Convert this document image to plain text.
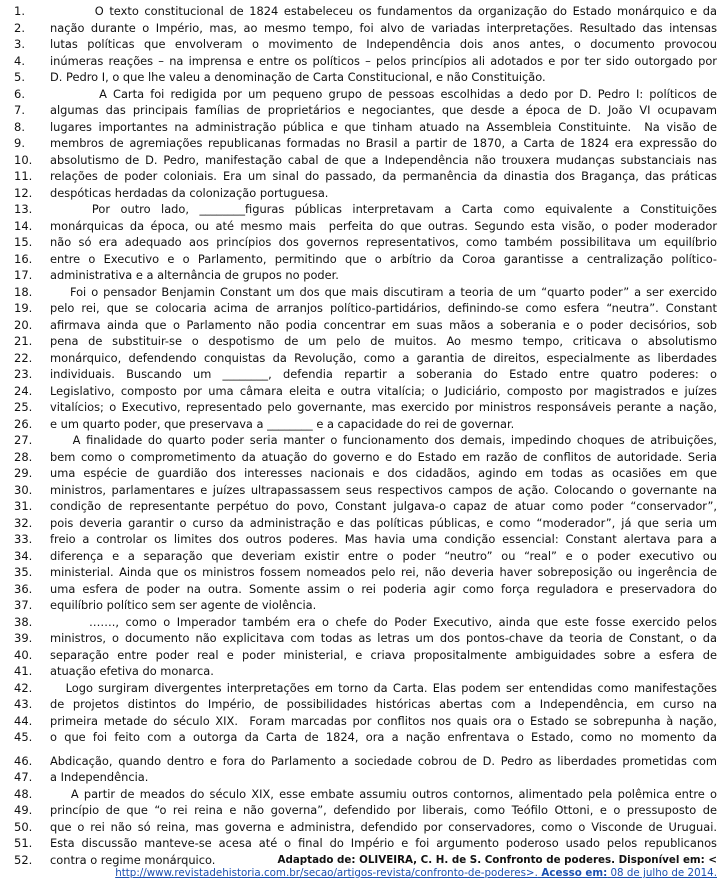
1. O texto constitucional de 1824 estabeleceu os fundamentos da organização do Estado monárquico e da
2. nação durante o Império, mas, ao mesmo tempo, foi alvo de variadas interpretações. Resultado das intensas
3. lutas políticas que envolveram o movimento de Independência dois anos antes, o documento provocou
4. inúmeras reações – na imprensa e entre os políticos – pelos princípios ali adotados e por ter sido outorgado por
5. D. Pedro I, o que lhe valeu a denominação de Carta Constitucional, e não Constituição.
6. A Carta foi redigida por um pequeno grupo de pessoas escolhidas a dedo por D. Pedro I: políticos de
7. algumas das principais famílias de proprietários e negociantes, que desde a época de D. João VI ocupavam
8. lugares importantes na administração pública e que tinham atuado na Assembleia Constituinte.  Na visão de
9. membros de agremiações republicanas formadas no Brasil a partir de 1870, a Carta de 1824 era expressão do
10. absolutismo de D. Pedro, manifestação cabal de que a Independência não trouxera mudanças substanciais nas
11. relações de poder coloniais. Era um sinal do passado, da permanência da dinastia dos Bragança, das práticas
12. despóticas herdadas da colonização portuguesa.
13. Por outro lado, ________figuras públicas interpretavam a Carta como equivalente a Constituições
14. monárquicas da época, ou até mesmo mais  perfeita do que outras. Segundo esta visão, o poder moderador
15. não só era adequado aos princípios dos governos representativos, como também possibilitava um equilíbrio
16. entre o Executivo e o Parlamento, permitindo que o arbítrio da Coroa garantisse a centralização político-
17. administrativa e a alternância de grupos no poder.
18. Foi o pensador Benjamin Constant um dos que mais discutiram a teoria de um “quarto poder” a ser exercido
19. pelo rei, que se colocaria acima de arranjos político-partidários, definindo-se como esfera “neutra”. Constant
20. afirmava ainda que o Parlamento não podia concentrar em suas mãos a soberania e o poder decisórios, sob
21. pena de substituir-se o despotismo de um pelo de muitos. Ao mesmo tempo, criticava o absolutismo
22. monárquico, defendendo conquistas da Revolução, como a garantia de direitos, especialmente as liberdades
23. individuais. Buscando um ________, defendia repartir a soberania do Estado entre quatro poderes: o
24. Legislativo, composto por uma câmara eleita e outra vitalícia; o Judiciário, composto por magistrados e juízes
25. vitalícios; o Executivo, representado pelo governante, mas exercido por ministros responsáveis perante a nação,
26. e um quarto poder, que preservava a ________ e a capacidade do rei de governar.
27. A finalidade do quarto poder seria manter o funcionamento dos demais, impedindo choques de atribuições,
28. bem como o comprometimento da atuação do governo e do Estado em razão de conflitos de autoridade. Seria
29. uma espécie de guardião dos interesses nacionais e dos cidadãos, agindo em todas as ocasiões em que
30. ministros, parlamentares e juízes ultrapassassem seus respectivos campos de ação. Colocando o governante na
31. condição de representante perpétuo do povo, Constant julgava-o capaz de atuar como poder “conservador”,
32. pois deveria garantir o curso da administração e das políticas públicas, e como “moderador”, já que seria um
33. freio a controlar os limites dos outros poderes. Mas havia uma condição essencial: Constant alertava para a
34. diferença e a separação que deveriam existir entre o poder “neutro” ou “real” e o poder executivo ou
35. ministerial. Ainda que os ministros fossem nomeados pelo rei, não deveria haver sobreposição ou ingerência de
36. uma esfera de poder na outra. Somente assim o rei poderia agir como força reguladora e preservadora do
37. equilíbrio político sem ser agente de violência.
38. ……., como o Imperador também era o chefe do Poder Executivo, ainda que este fosse exercido pelos
39. ministros, o documento não explicitava com todas as letras um dos pontos-chave da teoria de Constant, o da
40. separação entre poder real e poder ministerial, e criava propositalmente ambiguidades sobre a esfera de
41. atuação efetiva do monarca.
42. Logo surgiram divergentes interpretações em torno da Carta. Elas podem ser entendidas como manifestações
43. de projetos distintos do Império, de possibilidades históricas abertas com a Independência, em curso na
44. primeira metade do século XIX.  Foram marcadas por conflitos nos quais ora o Estado se sobrepunha à nação,
45. o que foi feito com a outorga da Carta de 1824, ora a nação enfrentava o Estado, como no momento da
46. Abdicação, quando dentro e fora do Parlamento a sociedade cobrou de D. Pedro as liberdades prometidas com
47. a Independência.
48. A partir de meados do século XIX, esse embate assumiu outros contornos, alimentado pela polêmica entre o
49. princípio de que “o rei reina e não governa”, defendido por liberais, como Teófilo Ottoni, e o pressuposto de
50. que o rei não só reina, mas governa e administra, defendido por conservadores, como o Visconde de Uruguai.
51. Esta discussão manteve-se acesa até o final do Império e foi argumento poderoso usado pelos republicanos
52. contra o regime monárquico.	Adaptado de: OLIVEIRA, C. H. de S. Confronto de poderes. Disponível em: <
http://www.revistadehistoria.com.br/secao/artigos-revista/confronto-de-poderes>. Acesso em: 08 de julho de 2014.
